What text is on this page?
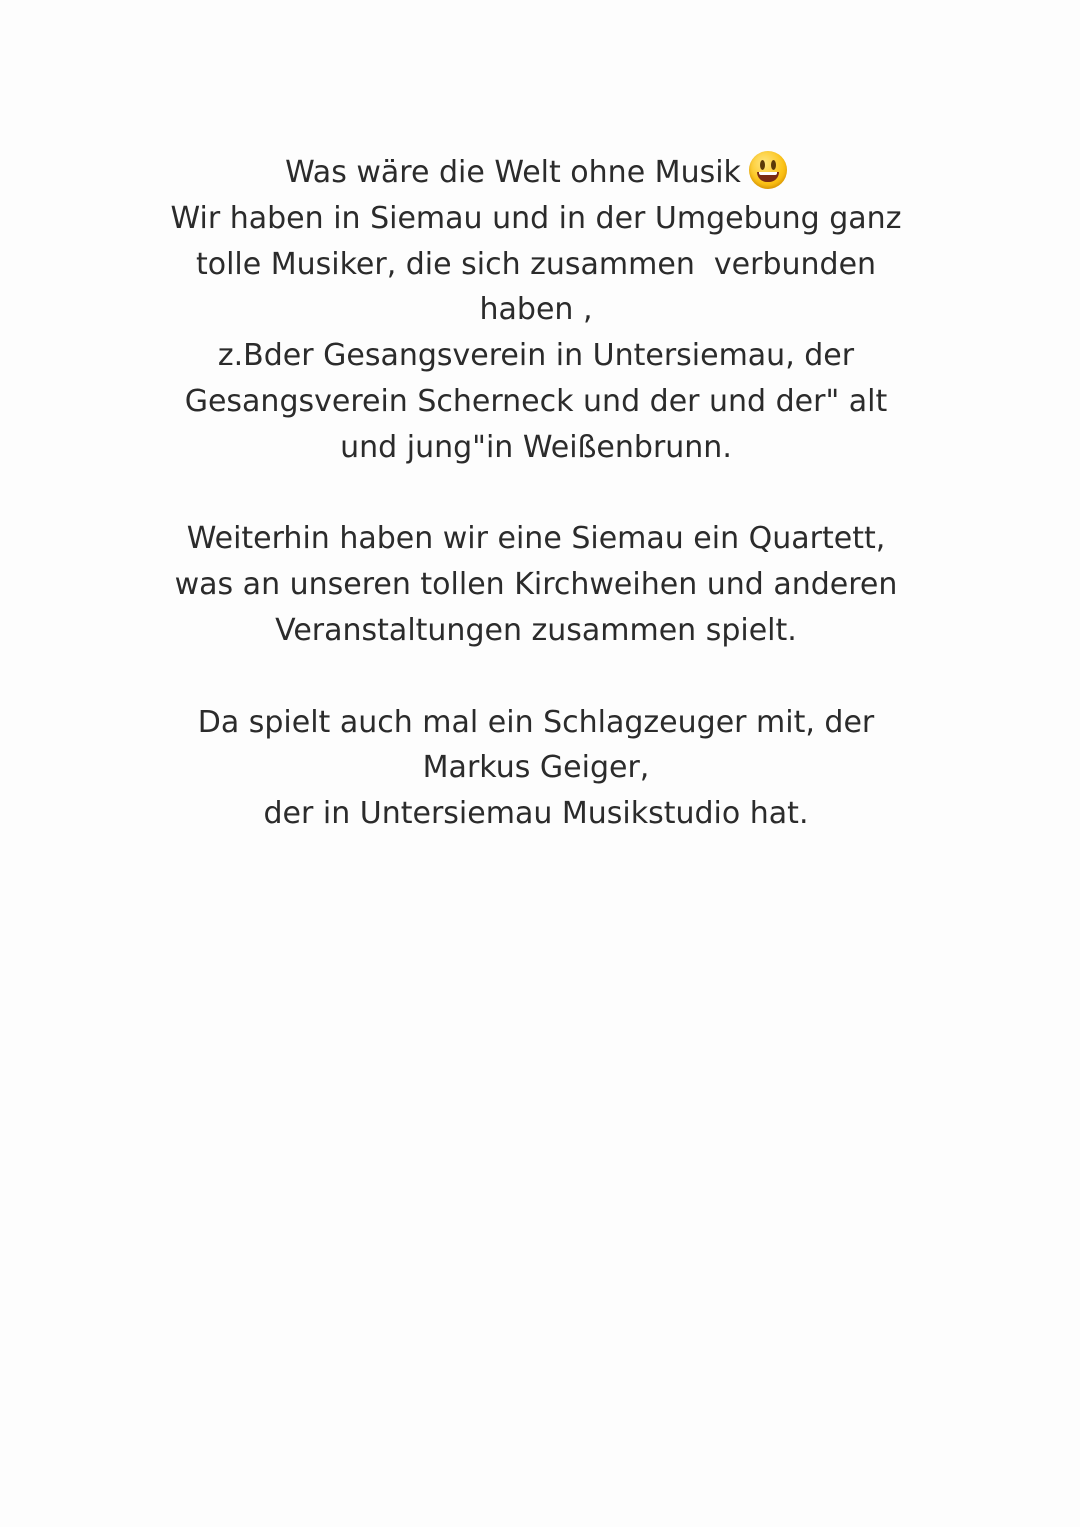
Was wäre die Welt ohne Musik
Wir haben in Siemau und in der Umgebung ganz
tolle Musiker, die sich zusammen  verbunden
haben ,
z.Bder Gesangsverein in Untersiemau, der
Gesangsverein Scherneck und der und der" alt
und jung"in Weißenbrunn.
Weiterhin haben wir eine Siemau ein Quartett,
was an unseren tollen Kirchweihen und anderen
Veranstaltungen zusammen spielt.
Da spielt auch mal ein Schlagzeuger mit, der
Markus Geiger,
der in Untersiemau Musikstudio hat.
